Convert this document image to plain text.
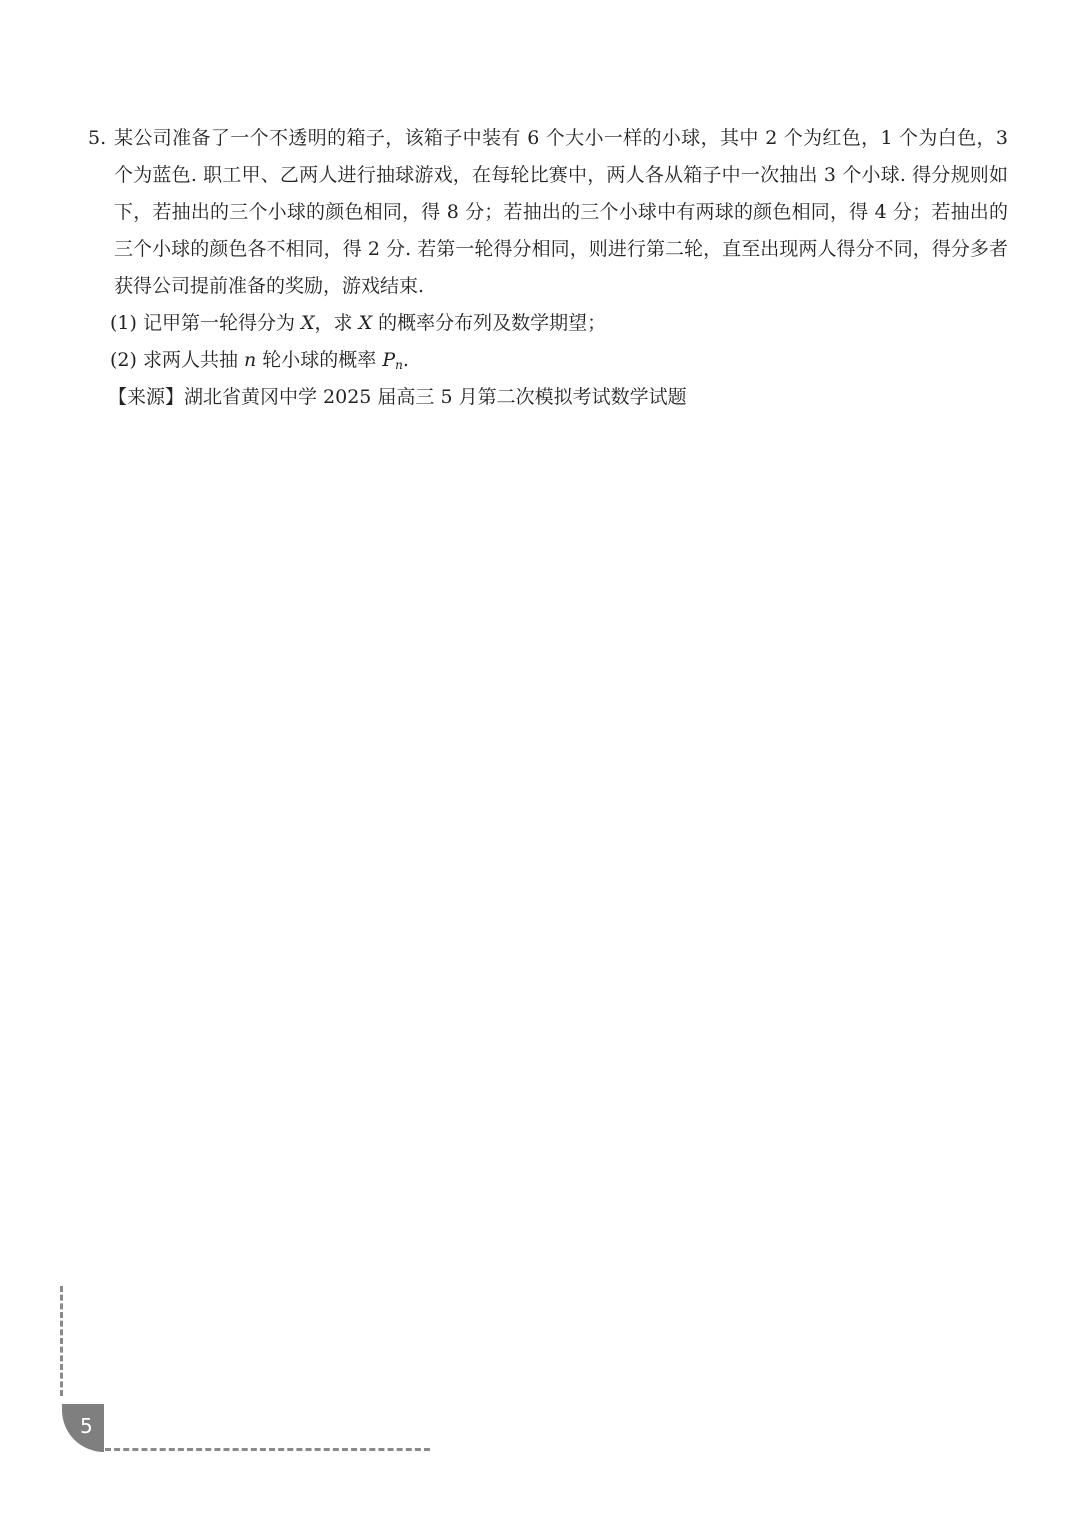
5. 某公司准备了一个不透明的箱子，该箱子中装有 6 个大小一样的小球，其中 2 个为红色，1 个为白色，3 个为蓝色. 职工甲、乙两人进行抽球游戏，在每轮比赛中，两人各从箱子中一次抽出 3 个小球. 得分规则如下，若抽出的三个小球的颜色相同，得 8 分；若抽出的三个小球中有两球的颜色相同，得 4 分；若抽出的三个小球的颜色各不相同，得 2 分. 若第一轮得分相同，则进行第二轮，直至出现两人得分不同，得分多者获得公司提前准备的奖励，游戏结束.
(1) 记甲第一轮得分为 X，求 X 的概率分布列及数学期望；
(2) 求两人共抽 n 轮小球的概率 $P_n$.
【来源】湖北省黄冈中学 2025 届高三 5 月第二次模拟考试数学试题
5
